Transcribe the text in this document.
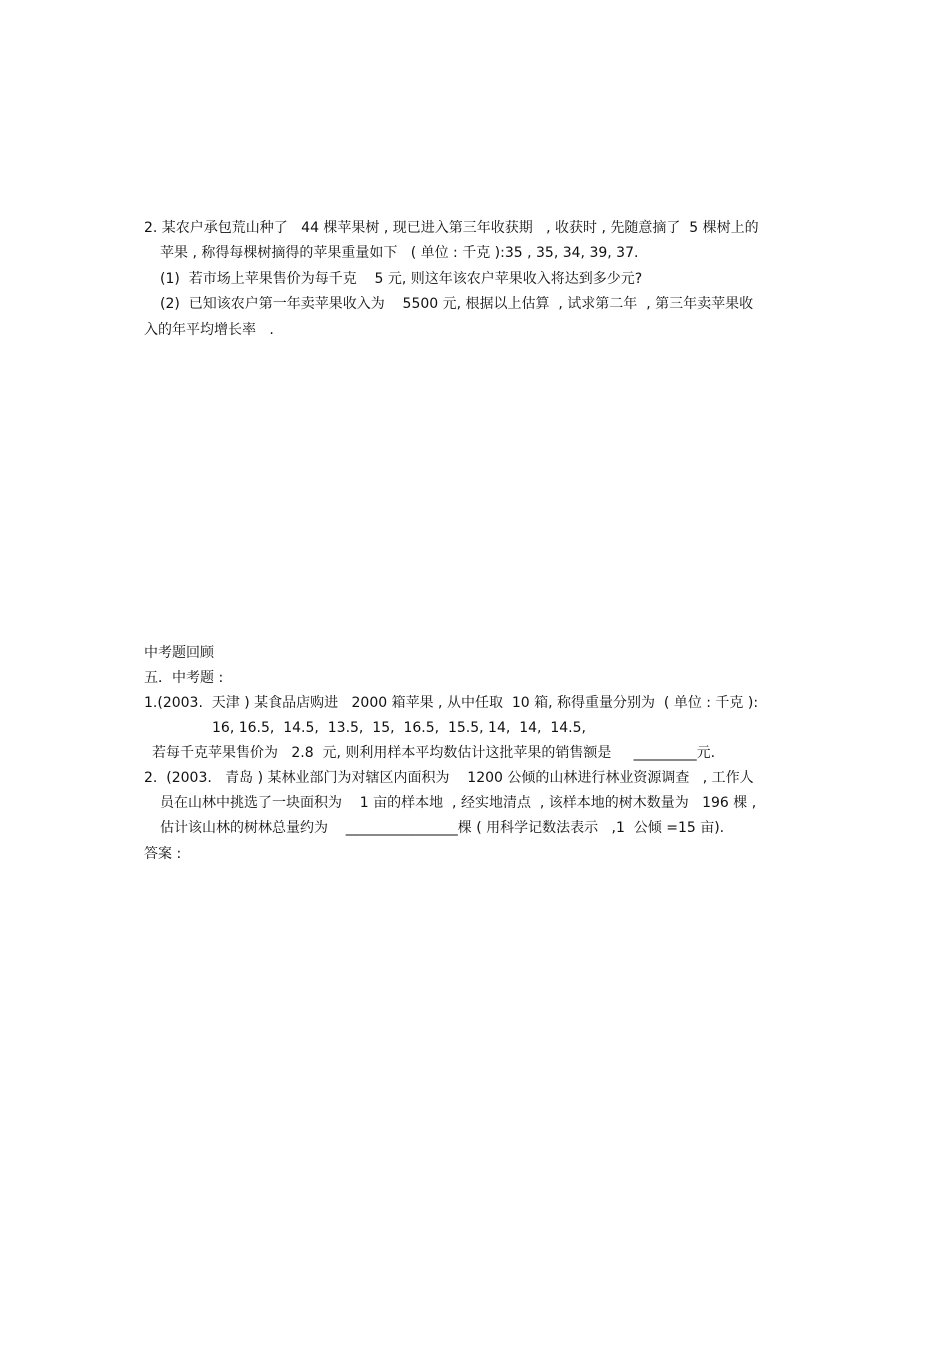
2. 某农户承包荒山种了   44 棵苹果树 , 现已进入第三年收获期   , 收获时 , 先随意摘了  5 棵树上的
苹果 , 称得每棵树摘得的苹果重量如下   ( 单位 : 千克 ):35 , 35, 34, 39, 37.
(1)  若市场上苹果售价为每千克    5 元, 则这年该农户苹果收入将达到多少元?
(2)  已知该农户第一年卖苹果收入为    5500 元, 根据以上估算  , 试求第二年  , 第三年卖苹果收
入的年平均增长率   .
中考题回顾
五．中考题 :
1.(2003.  天津 ) 某食品店购进   2000 箱苹果 , 从中任取  10 箱, 称得重量分别为  ( 单位 : 千克 ):
16, 16.5,  14.5,  13.5,  15,  16.5,  15.5, 14,  14,  14.5,
若每千克苹果售价为   2.8  元, 则利用样本平均数估计这批苹果的销售额是     _________元.
2.  (2003.   青岛 ) 某林业部门为对辖区内面积为    1200 公倾的山林进行林业资源调查   , 工作人
员在山林中挑选了一块面积为    1 亩的样本地  , 经实地清点  , 该样本地的树木数量为   196 棵 ,
估计该山林的树林总量约为    ________________棵 ( 用科学记数法表示   ,1  公倾 =15 亩).
答案 :
